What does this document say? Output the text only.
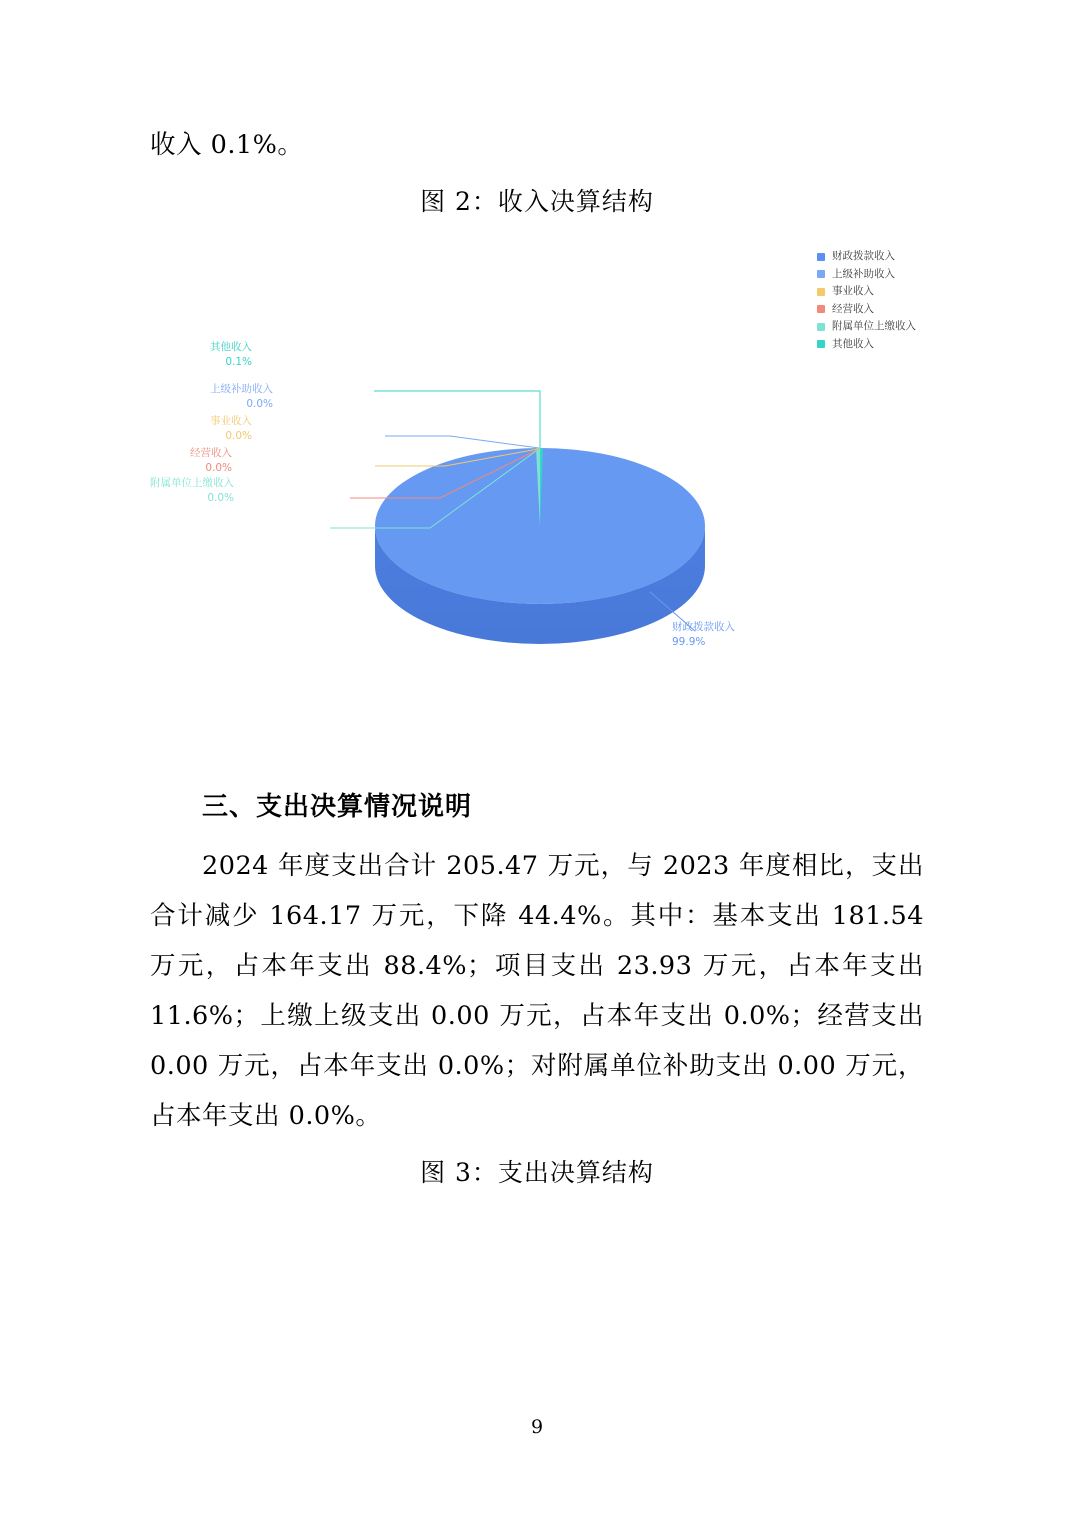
收入 0.1%。

图 2：收入决算结构

财政拨款收入
上级补助收入
事业收入
经营收入
附属单位上缴收入
其他收入
其他收入
0.1%
上级补助收入
0.0%
事业收入
0.0%
经营收入
0.0%
附属单位上缴收入
0.0%
财政拨款收入
99.9%

三、支出决算情况说明

2024 年度支出合计 205.47 万元，与 2023 年度相比，支出合计减少 164.17 万元，下降 44.4%。其中：基本支出 181.54 万元，占本年支出 88.4%；项目支出 23.93 万元，占本年支出 11.6%；上缴上级支出 0.00 万元，占本年支出 0.0%；经营支出 0.00 万元，占本年支出 0.0%；对附属单位补助支出 0.00 万元，占本年支出 0.0%。

图 3：支出决算结构

9
